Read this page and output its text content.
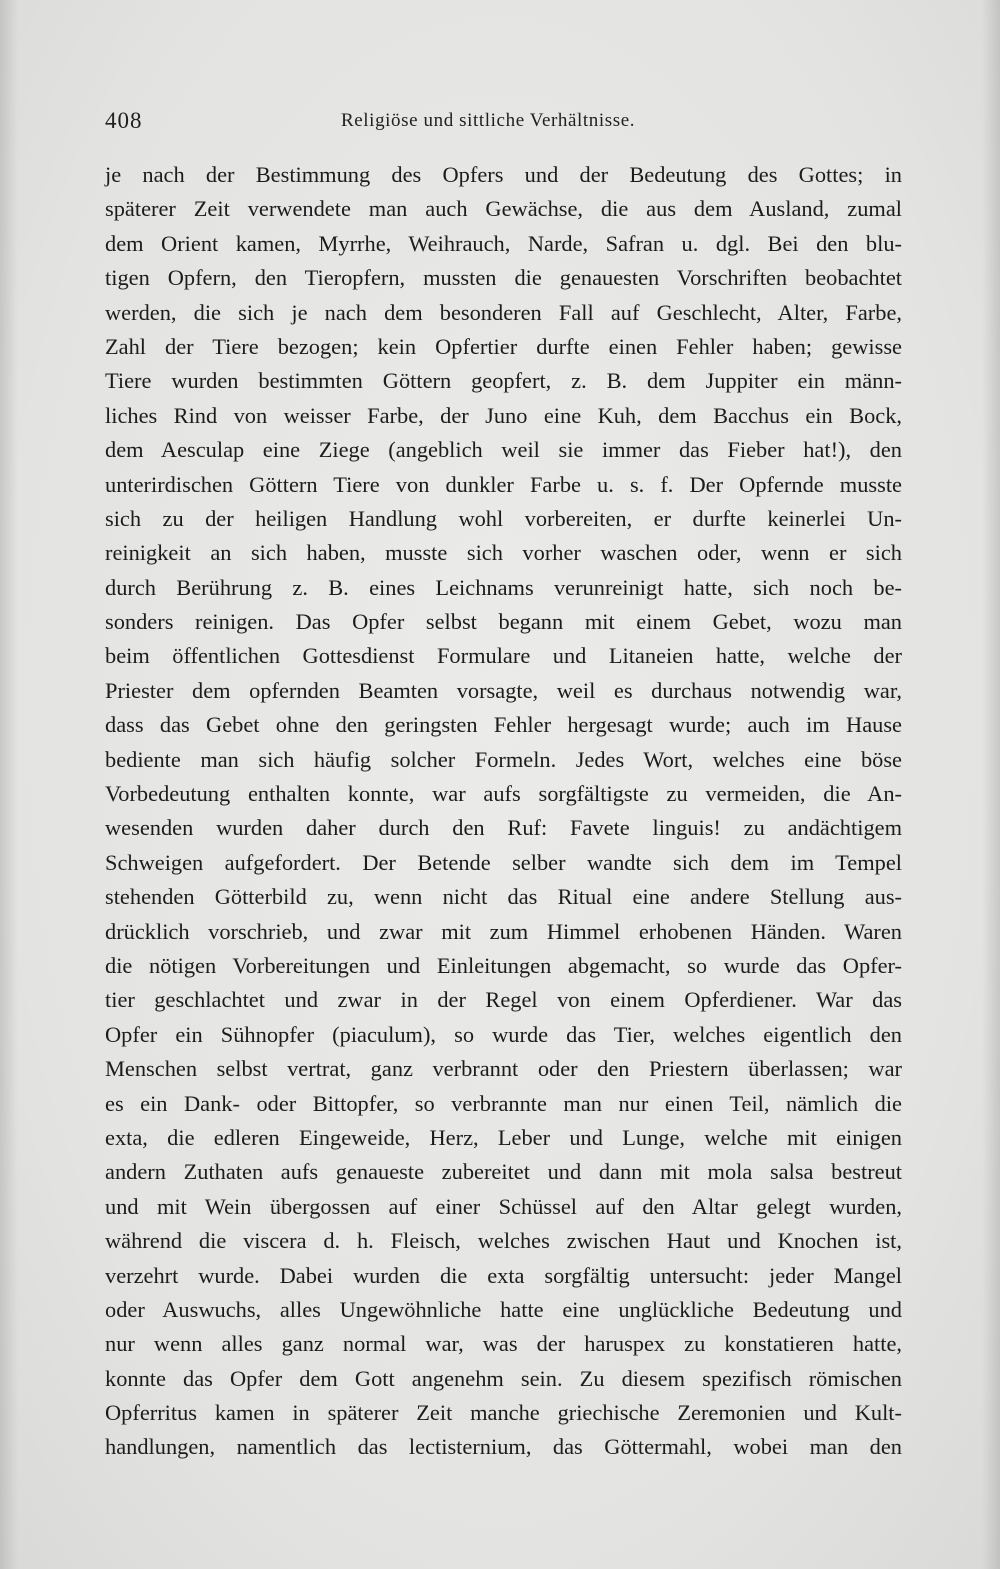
408	Religiöse und sittliche Verhältnisse.
je nach der Bestimmung des Opfers und der Bedeutung des Gottes; in
späterer Zeit verwendete man auch Gewächse, die aus dem Ausland, zumal
dem Orient kamen, Myrrhe, Weihrauch, Narde, Safran u. dgl. Bei den blu-
tigen Opfern, den Tieropfern, mussten die genauesten Vorschriften beobachtet
werden, die sich je nach dem besonderen Fall auf Geschlecht, Alter, Farbe,
Zahl der Tiere bezogen; kein Opfertier durfte einen Fehler haben; gewisse
Tiere wurden bestimmten Göttern geopfert, z. B. dem Juppiter ein männ-
liches Rind von weisser Farbe, der Juno eine Kuh, dem Bacchus ein Bock,
dem Aesculap eine Ziege (angeblich weil sie immer das Fieber hat!), den
unterirdischen Göttern Tiere von dunkler Farbe u. s. f. Der Opfernde musste
sich zu der heiligen Handlung wohl vorbereiten, er durfte keinerlei Un-
reinigkeit an sich haben, musste sich vorher waschen oder, wenn er sich
durch Berührung z. B. eines Leichnams verunreinigt hatte, sich noch be-
sonders reinigen. Das Opfer selbst begann mit einem Gebet, wozu man
beim öffentlichen Gottesdienst Formulare und Litaneien hatte, welche der
Priester dem opfernden Beamten vorsagte, weil es durchaus notwendig war,
dass das Gebet ohne den geringsten Fehler hergesagt wurde; auch im Hause
bediente man sich häufig solcher Formeln. Jedes Wort, welches eine böse
Vorbedeutung enthalten konnte, war aufs sorgfältigste zu vermeiden, die An-
wesenden wurden daher durch den Ruf: Favete linguis! zu andächtigem
Schweigen aufgefordert. Der Betende selber wandte sich dem im Tempel
stehenden Götterbild zu, wenn nicht das Ritual eine andere Stellung aus-
drücklich vorschrieb, und zwar mit zum Himmel erhobenen Händen. Waren
die nötigen Vorbereitungen und Einleitungen abgemacht, so wurde das Opfer-
tier geschlachtet und zwar in der Regel von einem Opferdiener. War das
Opfer ein Sühnopfer (piaculum), so wurde das Tier, welches eigentlich den
Menschen selbst vertrat, ganz verbrannt oder den Priestern überlassen; war
es ein Dank- oder Bittopfer, so verbrannte man nur einen Teil, nämlich die
exta, die edleren Eingeweide, Herz, Leber und Lunge, welche mit einigen
andern Zuthaten aufs genaueste zubereitet und dann mit mola salsa bestreut
und mit Wein übergossen auf einer Schüssel auf den Altar gelegt wurden,
während die viscera d. h. Fleisch, welches zwischen Haut und Knochen ist,
verzehrt wurde. Dabei wurden die exta sorgfältig untersucht: jeder Mangel
oder Auswuchs, alles Ungewöhnliche hatte eine unglückliche Bedeutung und
nur wenn alles ganz normal war, was der haruspex zu konstatieren hatte,
konnte das Opfer dem Gott angenehm sein. Zu diesem spezifisch römischen
Opferritus kamen in späterer Zeit manche griechische Zeremonien und Kult-
handlungen, namentlich das lectisternium, das Göttermahl, wobei man den
